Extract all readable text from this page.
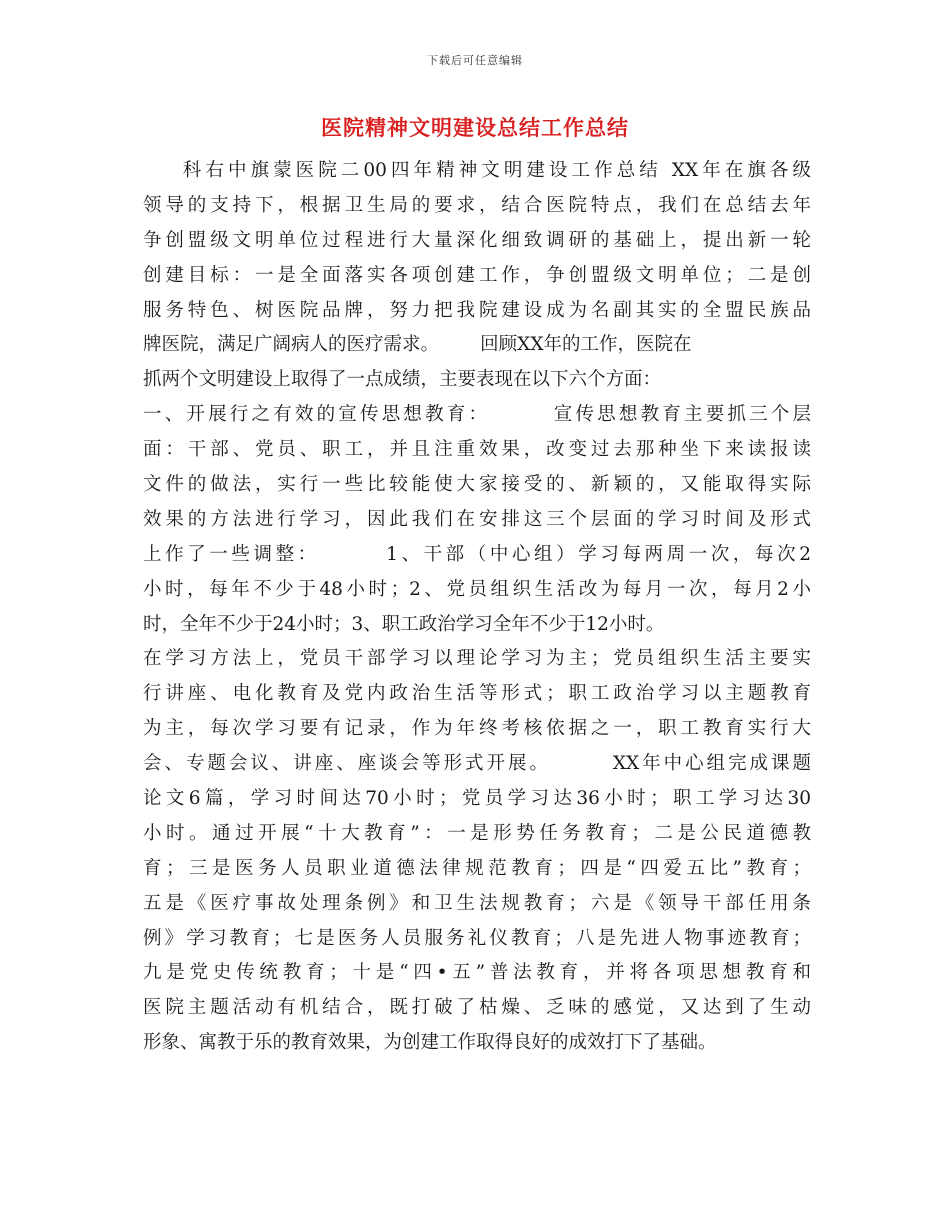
下载后可任意编辑
医院精神文明建设总结工作总结
科右中旗蒙医院二00四年精神文明建设工作总结 XX年在旗各级
领导的支持下，根据卫生局的要求，结合医院特点，我们在总结去年
争创盟级文明单位过程进行大量深化细致调研的基础上，提出新一轮
创建目标：一是全面落实各项创建工作，争创盟级文明单位；二是创
服务特色、树医院品牌，努力把我院建设成为名副其实的全盟民族品
牌医院，满足广阔病人的医疗需求。       回顾XX年的工作，医院在
抓两个文明建设上取得了一点成绩，主要表现在以下六个方面：
一、开展行之有效的宣传思想教育：       宣传思想教育主要抓三个层
面：干部、党员、职工，并且注重效果，改变过去那种坐下来读报读
文件的做法，实行一些比较能使大家接受的、新颖的，又能取得实际
效果的方法进行学习，因此我们在安排这三个层面的学习时间及形式
上作了一些调整：       1、干部（中心组）学习每两周一次，每次2
小时，每年不少于48小时；2、党员组织生活改为每月一次，每月2小
时，全年不少于24小时；3、职工政治学习全年不少于12小时。
在学习方法上，党员干部学习以理论学习为主；党员组织生活主要实
行讲座、电化教育及党内政治生活等形式；职工政治学习以主题教育
为主，每次学习要有记录，作为年终考核依据之一，职工教育实行大
会、专题会议、讲座、座谈会等形式开展。       XX年中心组完成课题
论文6篇，学习时间达70小时；党员学习达36小时；职工学习达30
小时。通过开展“十大教育”：一是形势任务教育；二是公民道德教
育；三是医务人员职业道德法律规范教育；四是“四爱五比”教育；
五是《医疗事故处理条例》和卫生法规教育；六是《领导干部任用条
例》学习教育；七是医务人员服务礼仪教育；八是先进人物事迹教育；
九是党史传统教育；十是“四•五”普法教育，并将各项思想教育和
医院主题活动有机结合，既打破了枯燥、乏味的感觉，又达到了生动
形象、寓教于乐的教育效果，为创建工作取得良好的成效打下了基础。
